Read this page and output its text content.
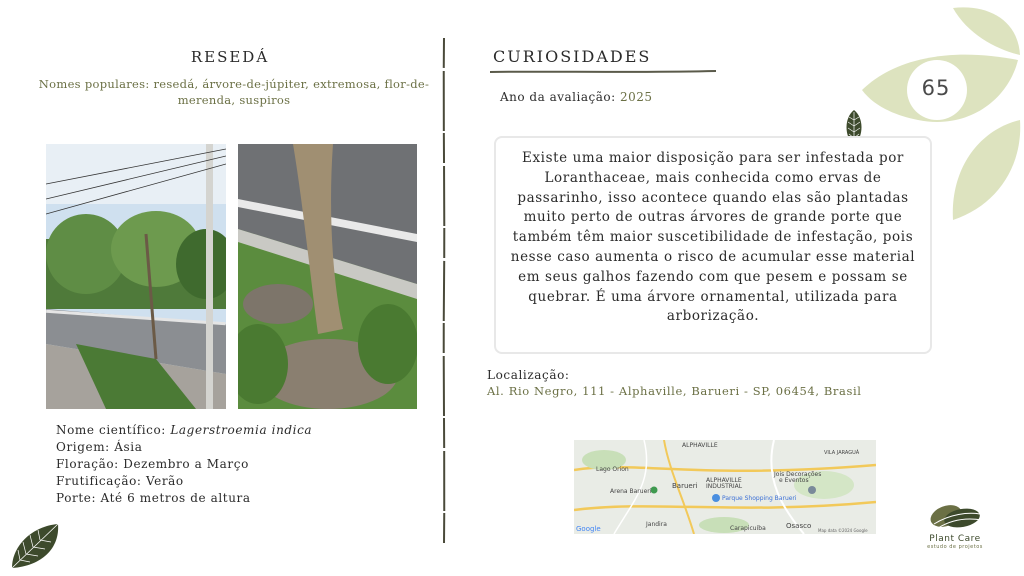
65
RESEDÁ
Nomes populares: resedá, árvore-de-júpiter, extremosa, flor-de-merenda, suspiros
Nome científico: Lagerstroemia indica
Origem: Ásia
Floração: Dezembro a Março
Frutificação: Verão
Porte: Até 6 metros de altura
CURIOSIDADES
Ano da avaliação: 2025
Existe uma maior disposição para ser infestada por Loranthaceae, mais conhecida como ervas de passarinho, isso acontece quando elas são plantadas muito perto de outras árvores de grande porte que também têm maior suscetibilidade de infestação, pois nesse caso aumenta o risco de acumular esse material em seus galhos fazendo com que pesem e possam se quebrar. É uma árvore ornamental, utilizada para arborização.
Localização:
Al. Rio Negro, 111 - Alphaville, Barueri - SP, 06454, Brasil
ALPHAVILLE
Lago Orion
Arena Barueri
Barueri
ALPHAVILLE
INDUSTRIAL
Parque Shopping Barueri
Jois Decorações
e Eventos
VILA JARAGUÁ
Jandira
Carapicuíba	Osasco
Google	Map data ©2024 Google
Plant Care
estudo de projetos
